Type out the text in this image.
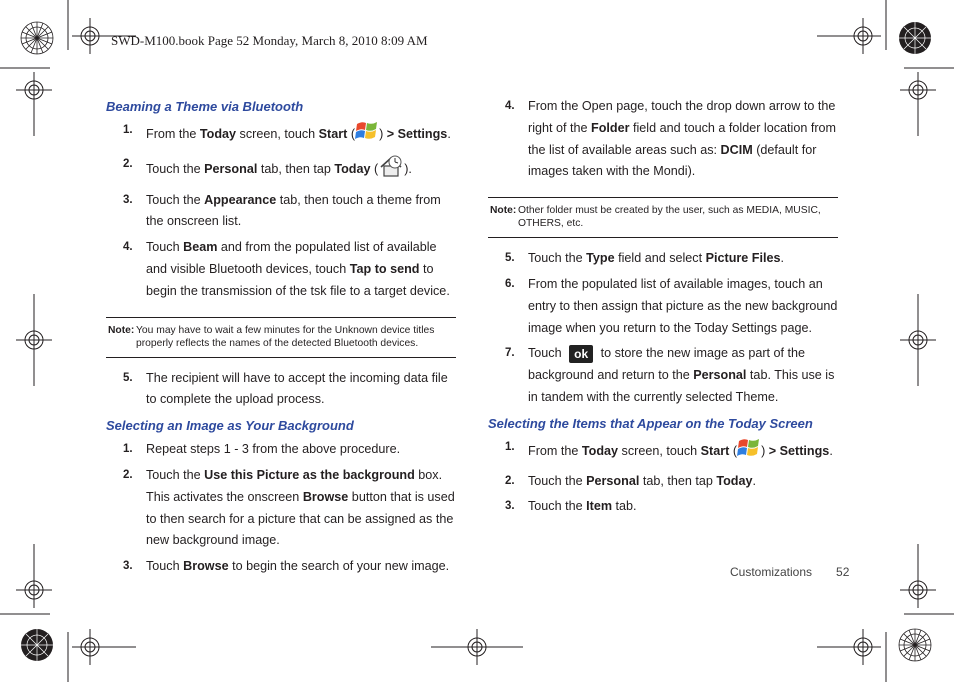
SWD-M100.book Page 52 Monday, March 8, 2010 8:09 AM
Beaming a Theme via Bluetooth
1. From the Today screen, touch Start ( ) > Settings.
2. Touch the Personal tab, then tap Today ( ).
3. Touch the Appearance tab, then touch a theme from the onscreen list.
4. Touch Beam and from the populated list of available and visible Bluetooth devices, touch Tap to send to begin the transmission of the tsk file to a target device.
Note: You may have to wait a few minutes for the Unknown device titles properly reflects the names of the detected Bluetooth devices.
5. The recipient will have to accept the incoming data file to complete the upload process.
Selecting an Image as Your Background
1. Repeat steps 1 - 3 from the above procedure.
2. Touch the Use this Picture as the background box. This activates the onscreen Browse button that is used to then search for a picture that can be assigned as the new background image.
3. Touch Browse to begin the search of your new image.
4. From the Open page, touch the drop down arrow to the right of the Folder field and touch a folder location from the list of available areas such as: DCIM (default for images taken with the Mondi).
Note: Other folder must be created by the user, such as MEDIA, MUSIC, OTHERS, etc.
5. Touch the Type field and select Picture Files.
6. From the populated list of available images, touch an entry to then assign that picture as the new background image when you return to the Today Settings page.
7. Touch ok to store the new image as part of the background and return to the Personal tab. This use is in tandem with the currently selected Theme.
Selecting the Items that Appear on the Today Screen
1. From the Today screen, touch Start ( ) > Settings.
2. Touch the Personal tab, then tap Today.
3. Touch the Item tab.
Customizations 52
